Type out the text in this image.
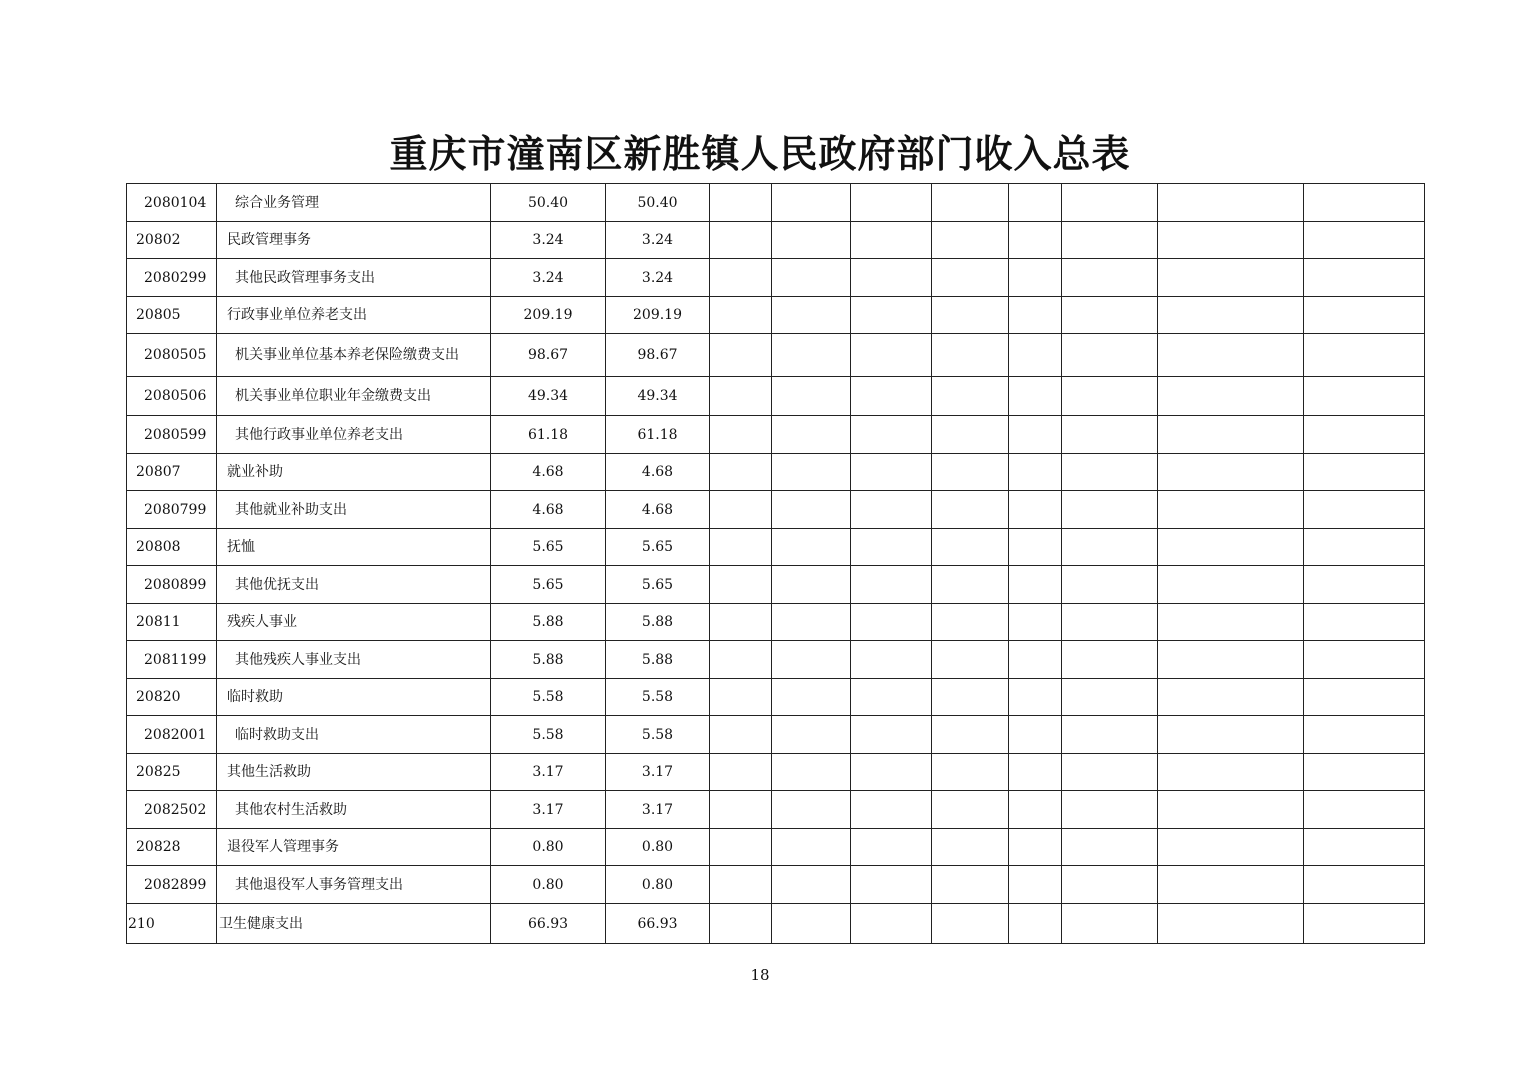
重庆市潼南区新胜镇人民政府部门收入总表
2080104	综合业务管理	50.40	50.40								
20802	民政管理事务	3.24	3.24								
2080299	其他民政管理事务支出	3.24	3.24								
20805	行政事业单位养老支出	209.19	209.19								
2080505	机关事业单位基本养老保险缴费支出	98.67	98.67								
2080506	机关事业单位职业年金缴费支出	49.34	49.34								
2080599	其他行政事业单位养老支出	61.18	61.18								
20807	就业补助	4.68	4.68								
2080799	其他就业补助支出	4.68	4.68								
20808	抚恤	5.65	5.65								
2080899	其他优抚支出	5.65	5.65								
20811	残疾人事业	5.88	5.88								
2081199	其他残疾人事业支出	5.88	5.88								
20820	临时救助	5.58	5.58								
2082001	临时救助支出	5.58	5.58								
20825	其他生活救助	3.17	3.17								
2082502	其他农村生活救助	3.17	3.17								
20828	退役军人管理事务	0.80	0.80								
2082899	其他退役军人事务管理支出	0.80	0.80								
210	卫生健康支出	66.93	66.93								
18
